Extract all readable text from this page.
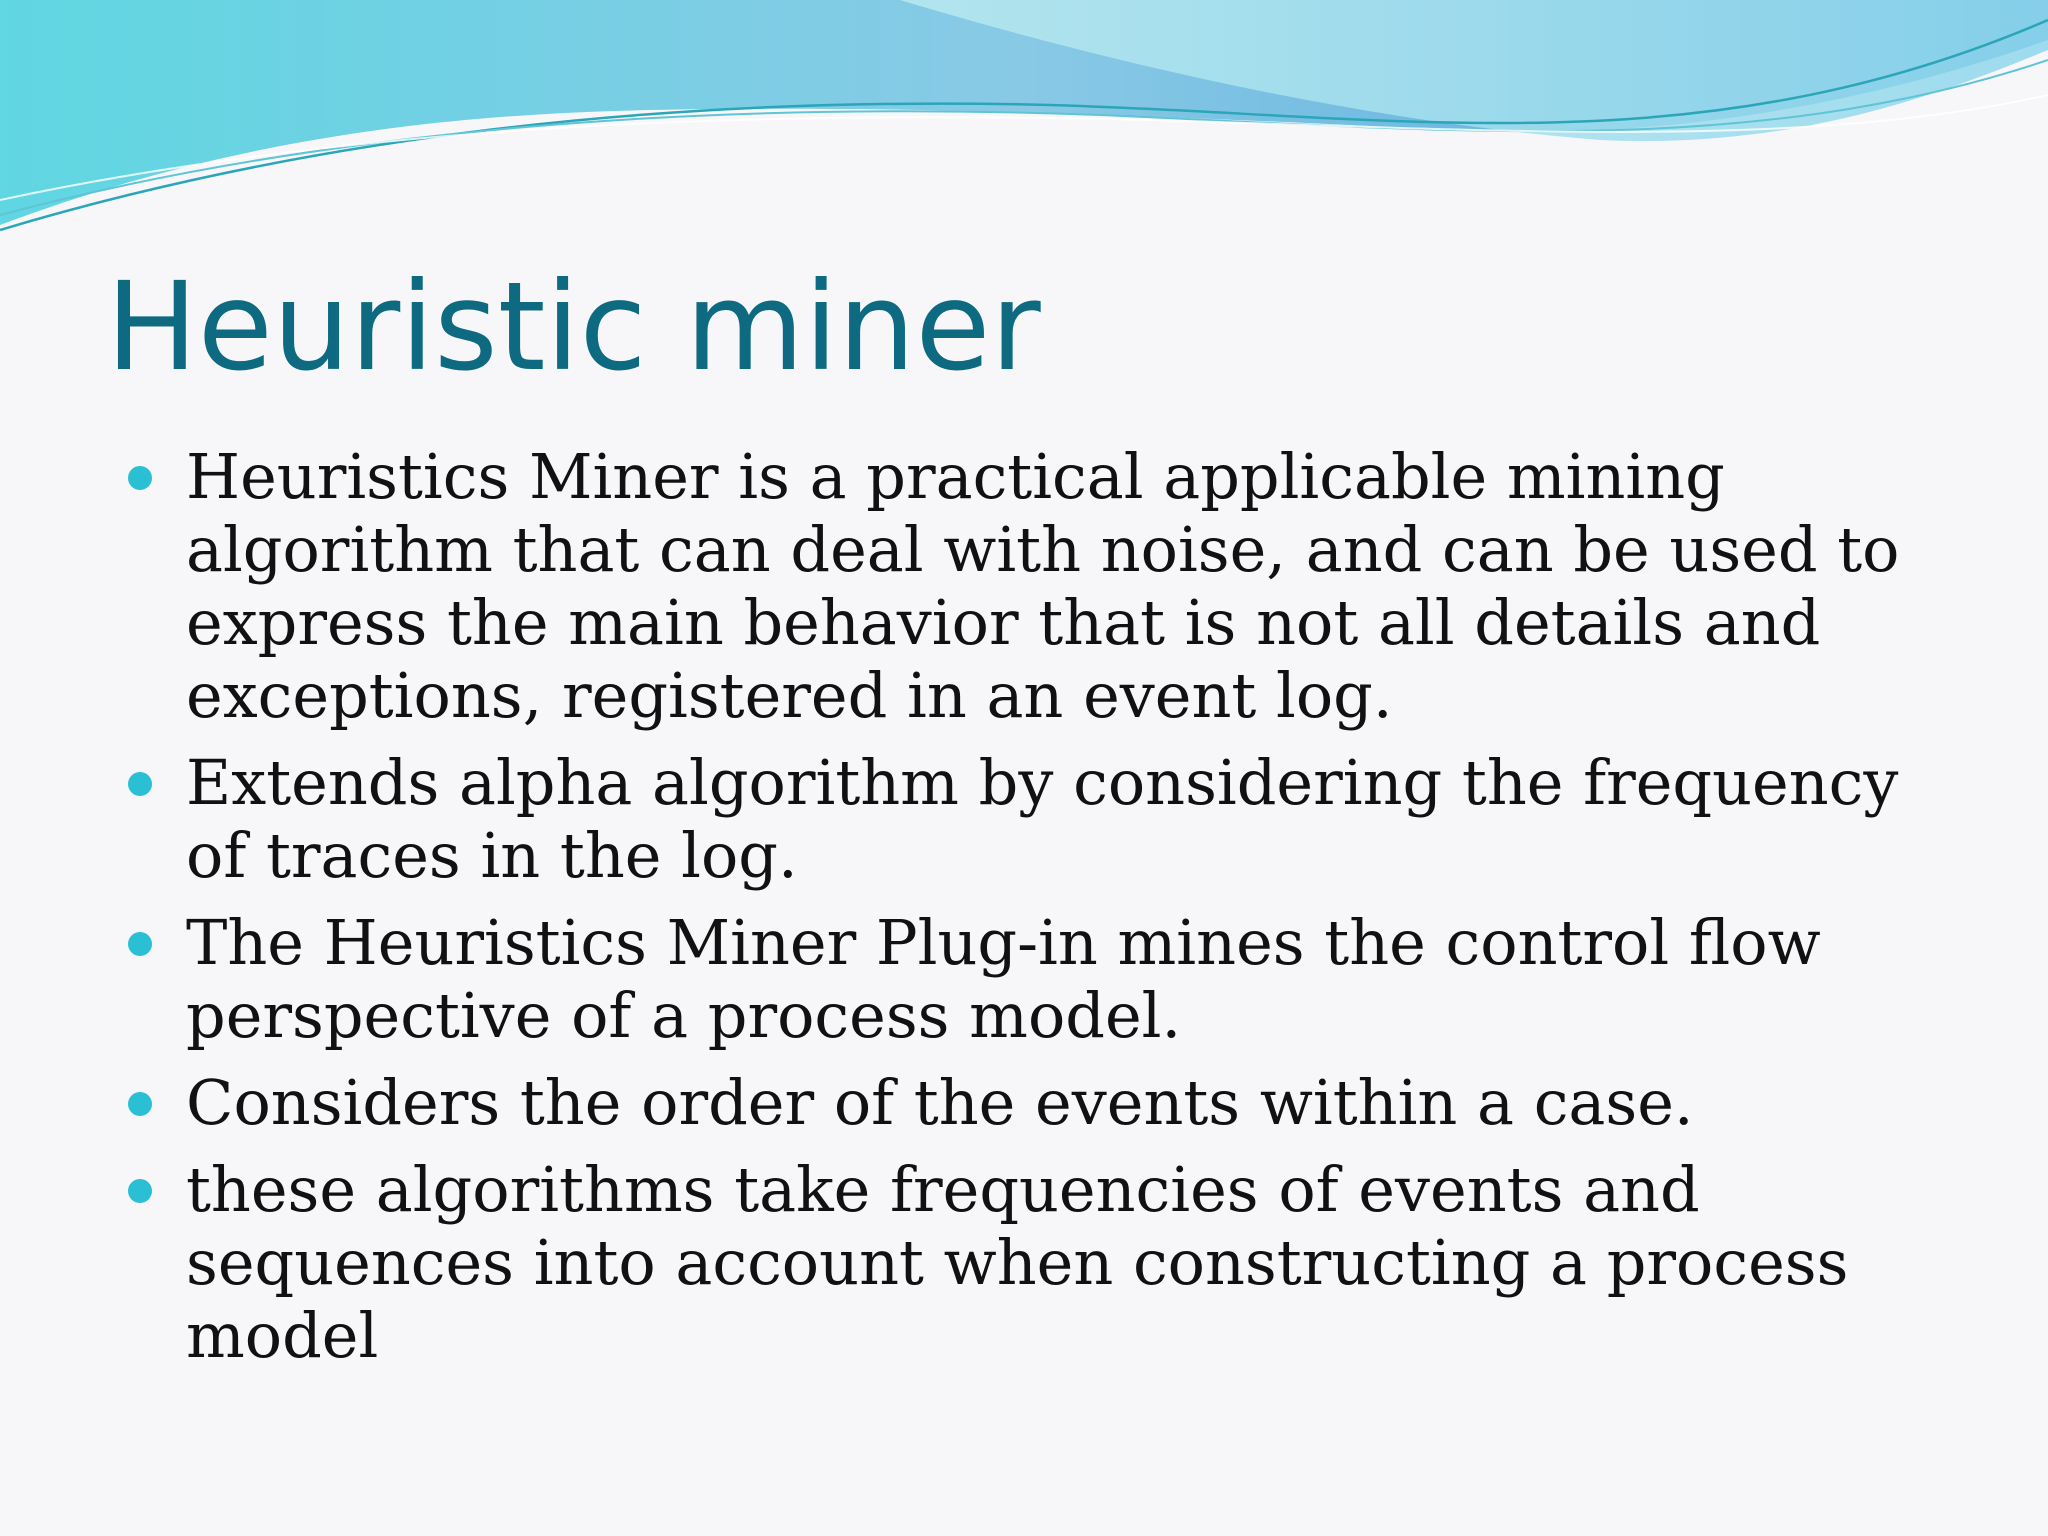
Heuristic miner
Heuristics Miner is a practical applicable mining algorithm that can deal with noise, and can be used to express the main behavior that is not all details and exceptions, registered in an event log.
Extends alpha algorithm by considering the frequency of traces in the log.
The Heuristics Miner Plug-in mines the control flow perspective of a process model.
Considers the order of the events within a case.
these algorithms take frequencies of events and sequences into account when constructing a process model
